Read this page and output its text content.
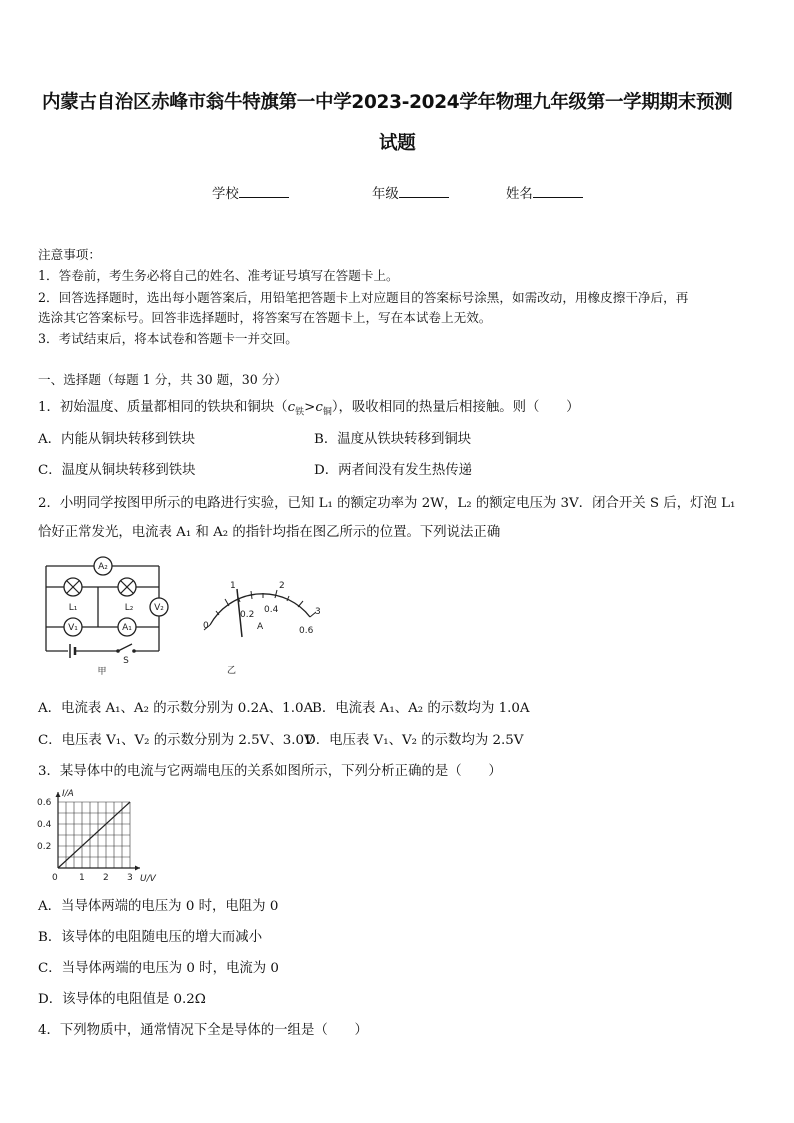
内蒙古自治区赤峰市翁牛特旗第一中学2023-2024学年物理九年级第一学期期末预测
试题
学校	年级	姓名
注意事项：
1．答卷前，考生务必将自己的姓名、准考证号填写在答题卡上。
2．回答选择题时，选出每小题答案后，用铅笔把答题卡上对应题目的答案标号涂黑，如需改动，用橡皮擦干净后，再
选涂其它答案标号。回答非选择题时，将答案写在答题卡上，写在本试卷上无效。
3．考试结束后，将本试卷和答题卡一并交回。
一、选择题（每题 1 分，共 30 题，30 分）
1．初始温度、质量都相同的铁块和铜块$(c_铁>c_铜)$，吸收相同的热量后相接触。则（　　）
A．内能从铜块转移到铁块	B．温度从铁块转移到铜块
C．温度从铜块转移到铁块	D．两者间没有发生热传递
2．小明同学按图甲所示的电路进行实验，已知 L₁ 的额定功率为 2W，L₂ 的额定电压为 3V．闭合开关 S 后，灯泡 L₁
恰好正常发光，电流表 A₁ 和 A₂ 的指针均指在图乙所示的位置。下列说法正确
A₂
L₁	L₂ V₂
V₁	A₁
S
甲
0
0.2 0.4
0.6
1	2
3
A
乙
A．电流表 A₁、A₂ 的示数分别为 0.2A、1.0A
B．电流表 A₁、A₂ 的示数均为 1.0A
C．电压表 V₁、V₂ 的示数分别为 2.5V、3.0V
D．电压表 V₁、V₂ 的示数均为 2.5V
3．某导体中的电流与它两端电压的关系如图所示，下列分析正确的是（　　）
0 1 2 3
0.2
0.4
0.6
I/A
U/V
A．当导体两端的电压为 0 时，电阻为 0
B．该导体的电阻随电压的增大而减小
C．当导体两端的电压为 0 时，电流为 0
D．该导体的电阻值是 0.2Ω
4．下列物质中，通常情况下全是导体的一组是（　　）
